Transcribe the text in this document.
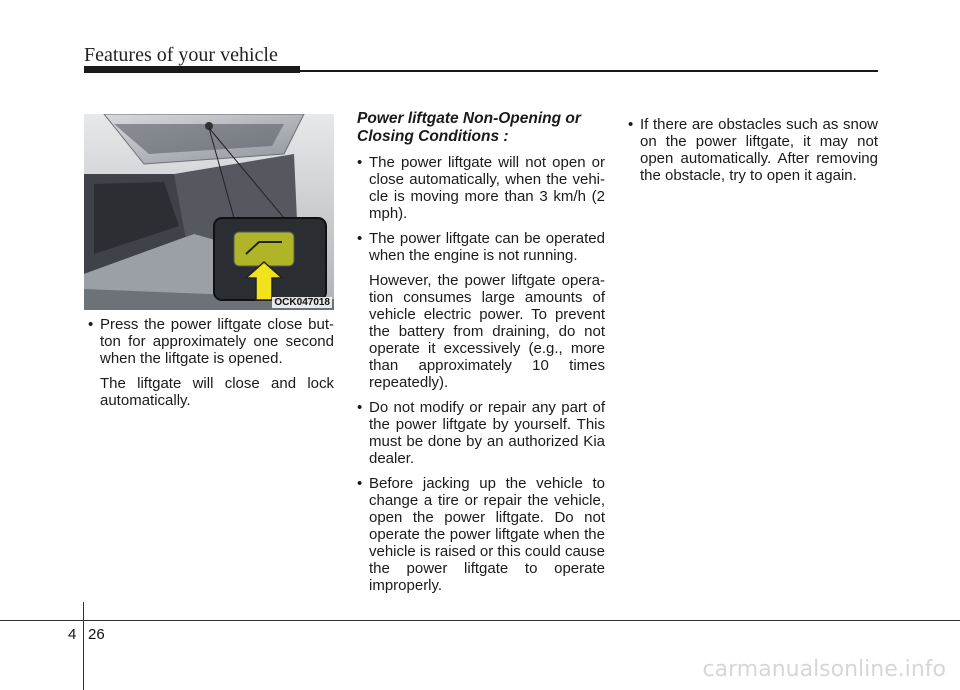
Features of your vehicle
OCK047018
• Press the power liftgate close but-ton for approximately one second when the liftgate is opened.
The liftgate will close and lock automatically.
Power liftgate Non-Opening or Closing Conditions :
• The power liftgate will not open or close automatically, when the vehi-cle is moving more than 3 km/h (2 mph).
• The power liftgate can be operated when the engine is not running.
However, the power liftgate opera-tion consumes large amounts of vehicle electric power. To prevent the battery from draining, do not operate it excessively (e.g., more than approximately 10 times repeatedly).
• Do not modify or repair any part of the power liftgate by yourself. This must be done by an authorized Kia dealer.
• Before jacking up the vehicle to change a tire or repair the vehicle, open the power liftgate. Do not operate the power liftgate when the vehicle is raised or this could cause the power liftgate to operate improperly.
• If there are obstacles such as snow on the power liftgate, it may not open automatically. After removing the obstacle, try to open it again.
4 26
carmanualsonline.info
